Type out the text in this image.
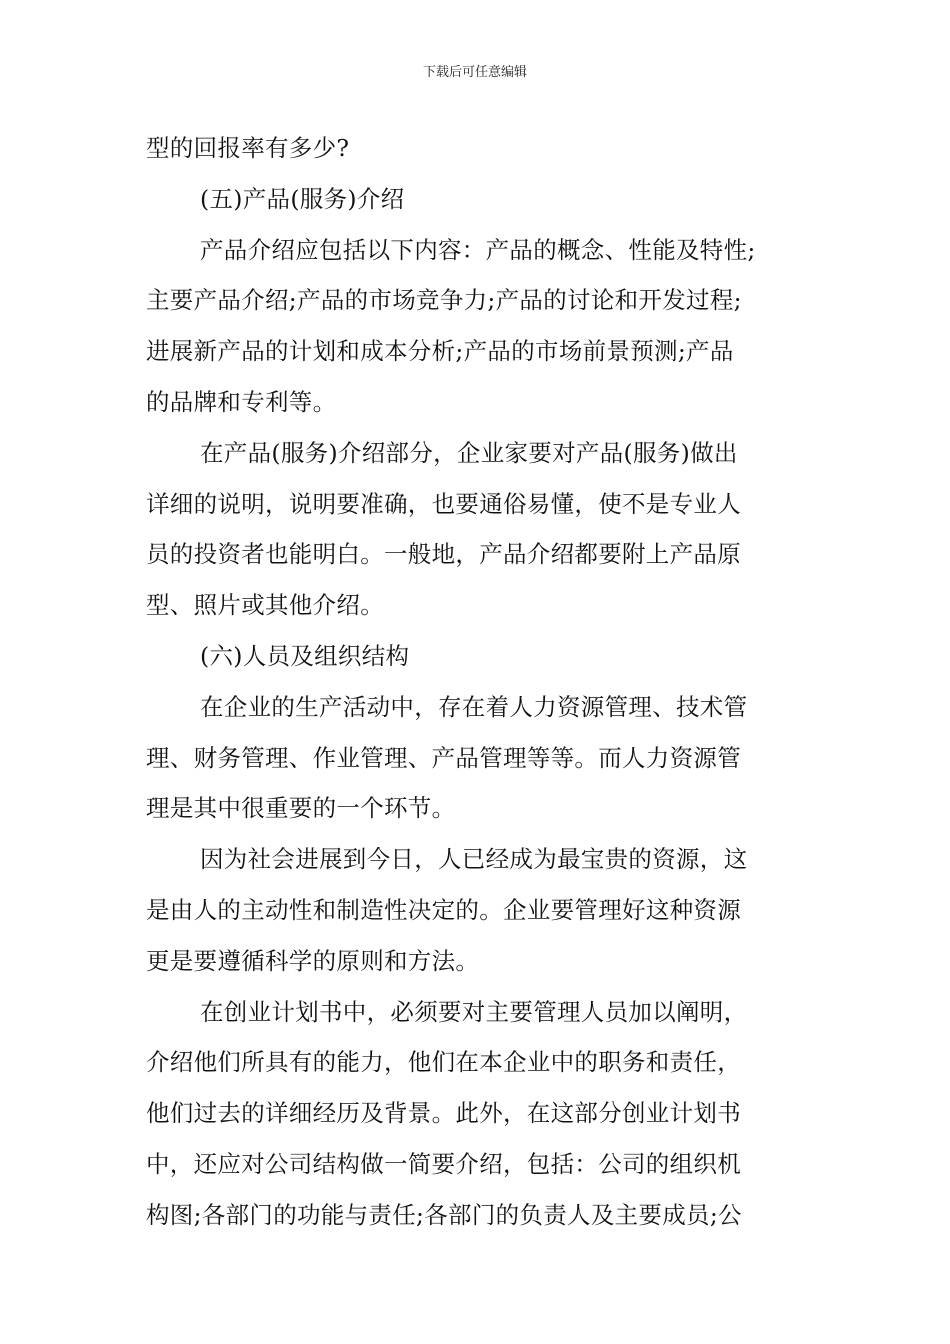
下载后可任意编辑
型的回报率有多少?
(五)产品(服务)介绍
产品介绍应包括以下内容：产品的概念、性能及特性;
主要产品介绍;产品的市场竞争力;产品的讨论和开发过程;
进展新产品的计划和成本分析;产品的市场前景预测;产品
的品牌和专利等。
在产品(服务)介绍部分，企业家要对产品(服务)做出
详细的说明，说明要准确，也要通俗易懂，使不是专业人
员的投资者也能明白。一般地，产品介绍都要附上产品原
型、照片或其他介绍。
(六)人员及组织结构
在企业的生产活动中，存在着人力资源管理、技术管
理、财务管理、作业管理、产品管理等等。而人力资源管
理是其中很重要的一个环节。
因为社会进展到今日，人已经成为最宝贵的资源，这
是由人的主动性和制造性决定的。企业要管理好这种资源
更是要遵循科学的原则和方法。
在创业计划书中，必须要对主要管理人员加以阐明，
介绍他们所具有的能力，他们在本企业中的职务和责任，
他们过去的详细经历及背景。此外，在这部分创业计划书
中，还应对公司结构做一简要介绍，包括：公司的组织机
构图;各部门的功能与责任;各部门的负责人及主要成员;公
